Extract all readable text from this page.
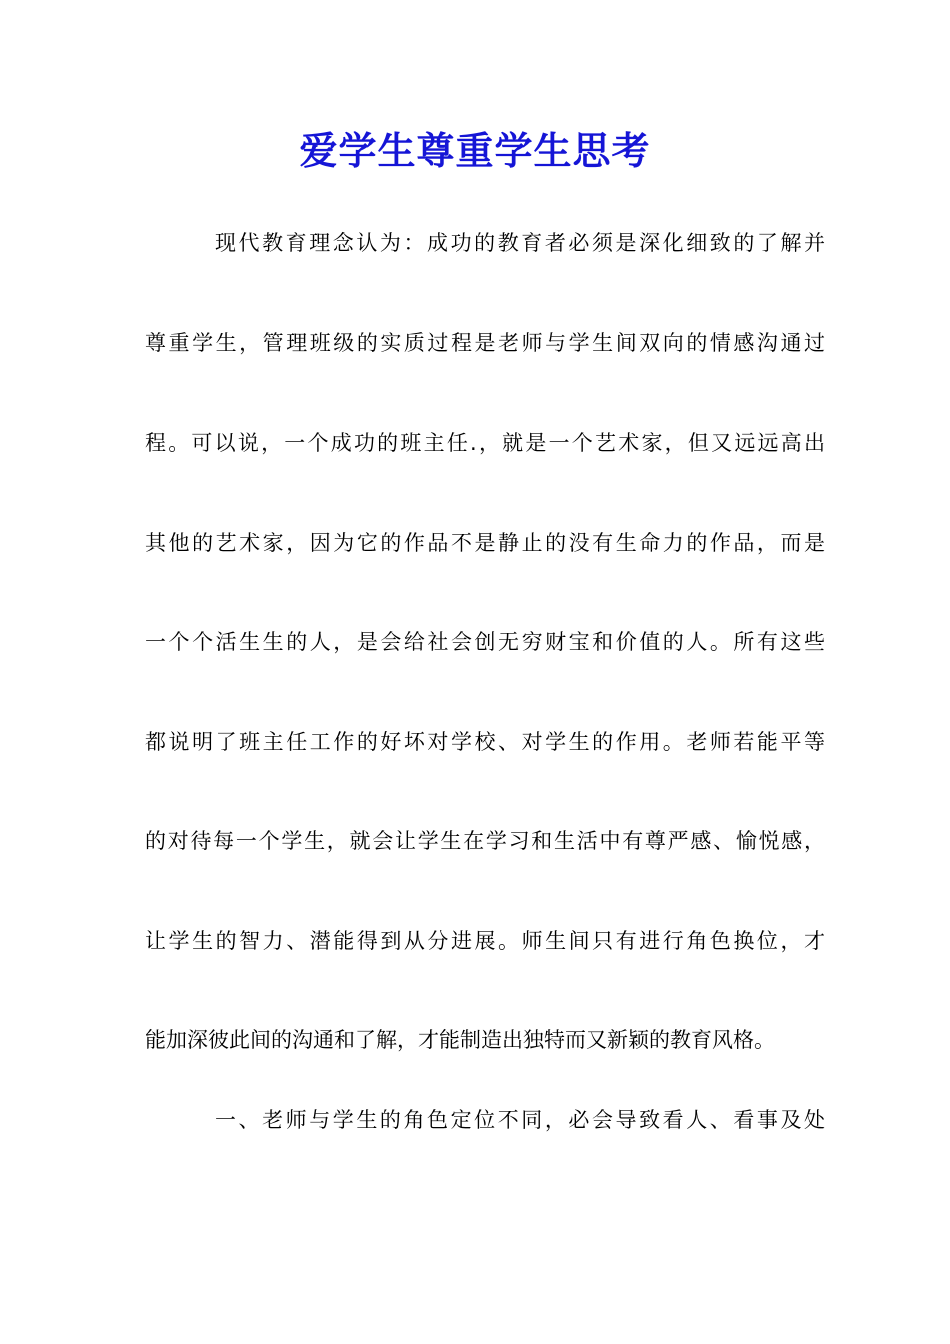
爱学生尊重学生思考
现代教育理念认为：成功的教育者必须是深化细致的了解并
尊重学生，管理班级的实质过程是老师与学生间双向的情感沟通过
程。可以说，一个成功的班主任.，就是一个艺术家，但又远远高出
其他的艺术家，因为它的作品不是静止的没有生命力的作品，而是
一个个活生生的人，是会给社会创无穷财宝和价值的人。所有这些
都说明了班主任工作的好坏对学校、对学生的作用。老师若能平等
的对待每一个学生，就会让学生在学习和生活中有尊严感、愉悦感，
让学生的智力、潜能得到从分进展。师生间只有进行角色换位，才
能加深彼此间的沟通和了解，才能制造出独特而又新颖的教育风格。
一、老师与学生的角色定位不同，必会导致看人、看事及处
